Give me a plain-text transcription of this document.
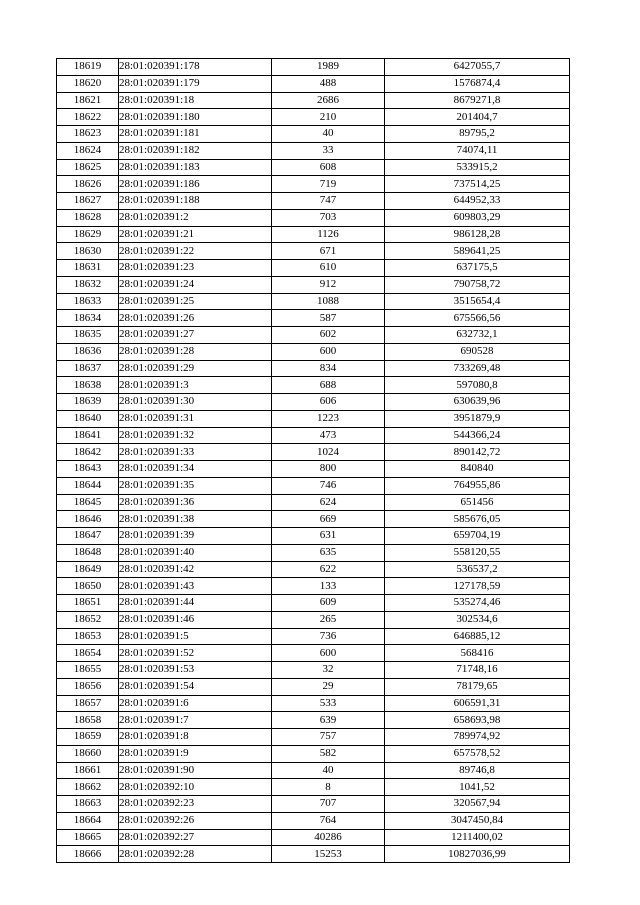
18619	28:01:020391:178	1989	6427055,7
18620	28:01:020391:179	488	1576874,4
18621	28:01:020391:18	2686	8679271,8
18622	28:01:020391:180	210	201404,7
18623	28:01:020391:181	40	89795,2
18624	28:01:020391:182	33	74074,11
18625	28:01:020391:183	608	533915,2
18626	28:01:020391:186	719	737514,25
18627	28:01:020391:188	747	644952,33
18628	28:01:020391:2	703	609803,29
18629	28:01:020391:21	1126	986128,28
18630	28:01:020391:22	671	589641,25
18631	28:01:020391:23	610	637175,5
18632	28:01:020391:24	912	790758,72
18633	28:01:020391:25	1088	3515654,4
18634	28:01:020391:26	587	675566,56
18635	28:01:020391:27	602	632732,1
18636	28:01:020391:28	600	690528
18637	28:01:020391:29	834	733269,48
18638	28:01:020391:3	688	597080,8
18639	28:01:020391:30	606	630639,96
18640	28:01:020391:31	1223	3951879,9
18641	28:01:020391:32	473	544366,24
18642	28:01:020391:33	1024	890142,72
18643	28:01:020391:34	800	840840
18644	28:01:020391:35	746	764955,86
18645	28:01:020391:36	624	651456
18646	28:01:020391:38	669	585676,05
18647	28:01:020391:39	631	659704,19
18648	28:01:020391:40	635	558120,55
18649	28:01:020391:42	622	536537,2
18650	28:01:020391:43	133	127178,59
18651	28:01:020391:44	609	535274,46
18652	28:01:020391:46	265	302534,6
18653	28:01:020391:5	736	646885,12
18654	28:01:020391:52	600	568416
18655	28:01:020391:53	32	71748,16
18656	28:01:020391:54	29	78179,65
18657	28:01:020391:6	533	606591,31
18658	28:01:020391:7	639	658693,98
18659	28:01:020391:8	757	789974,92
18660	28:01:020391:9	582	657578,52
18661	28:01:020391:90	40	89746,8
18662	28:01:020392:10	8	1041,52
18663	28:01:020392:23	707	320567,94
18664	28:01:020392:26	764	3047450,84
18665	28:01:020392:27	40286	1211400,02
18666	28:01:020392:28	15253	10827036,99
